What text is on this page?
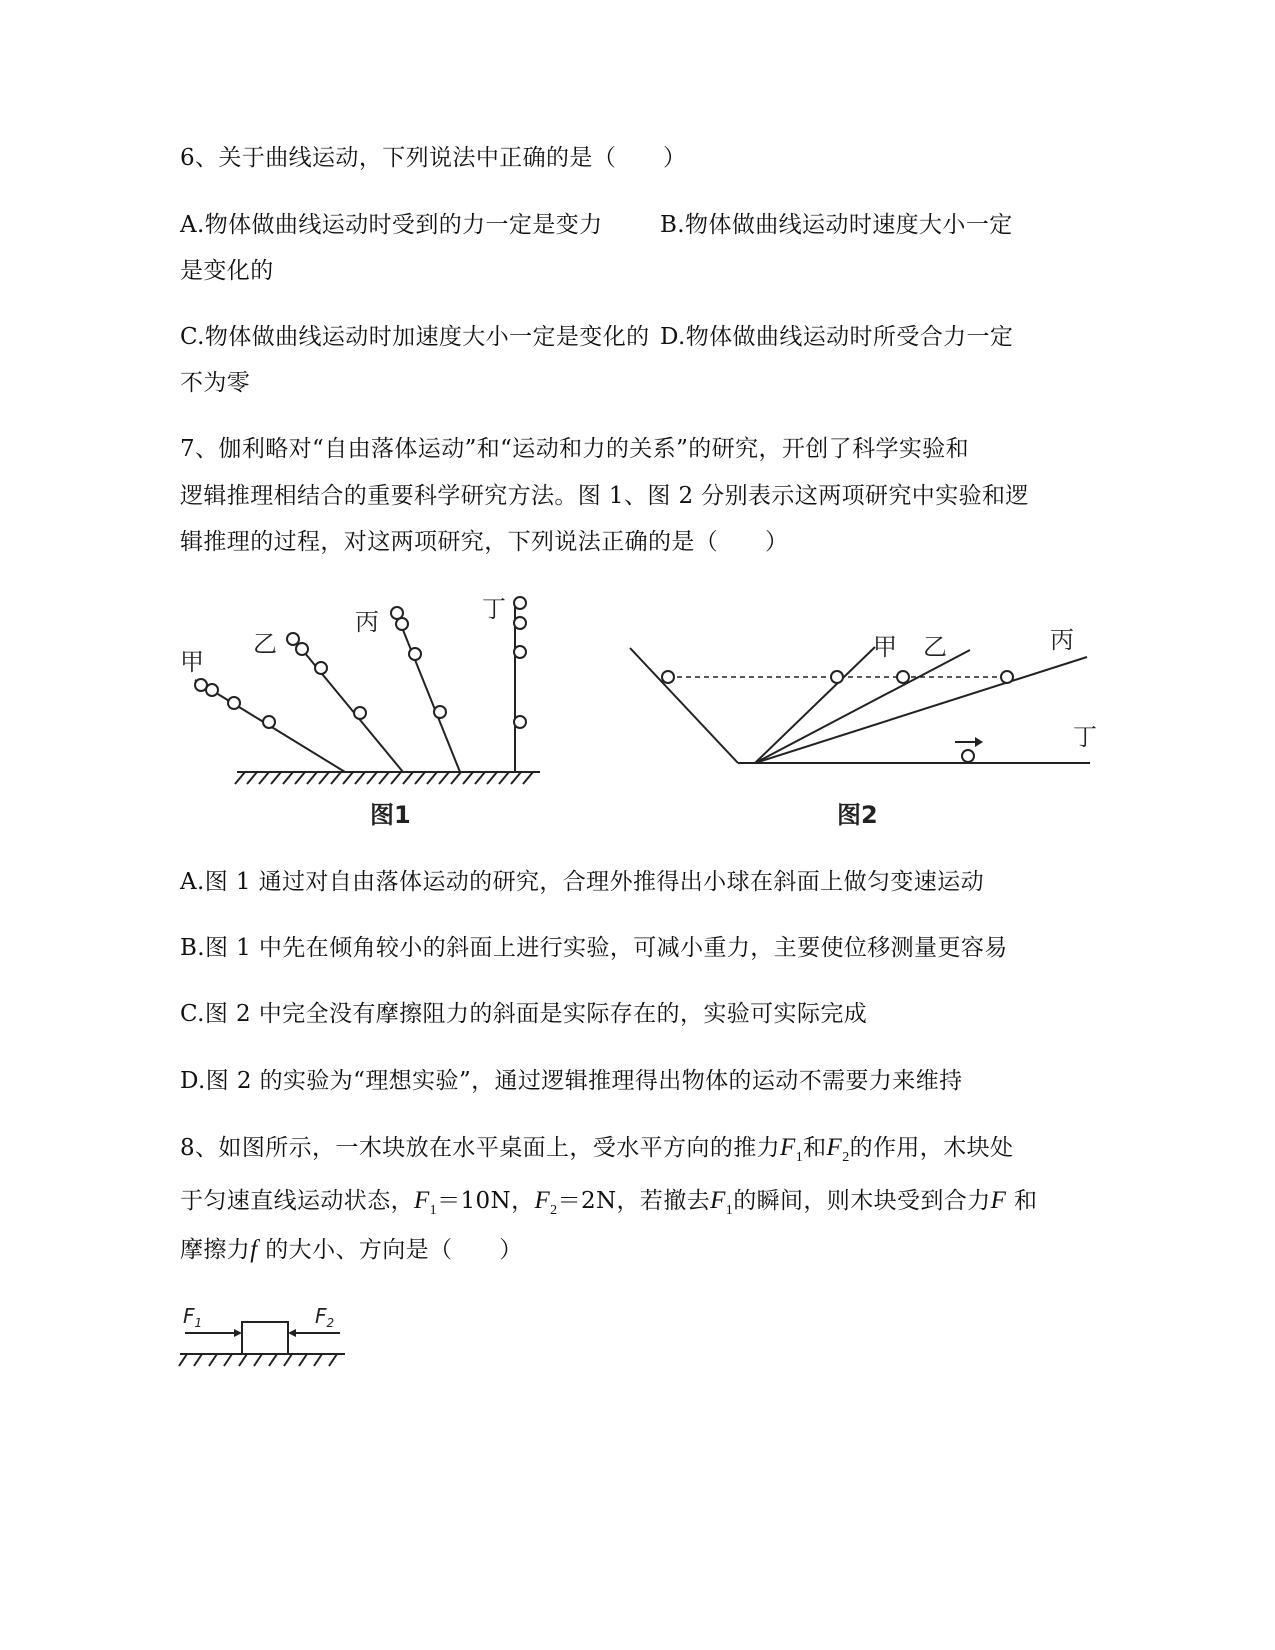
6、关于曲线运动，下列说法中正确的是（　　）
A.物体做曲线运动时受到的力一定是变力 B.物体做曲线运动时速度大小一定
是变化的
C.物体做曲线运动时加速度大小一定是变化的 D.物体做曲线运动时所受合力一定
不为零
7、伽利略对“自由落体运动”和“运动和力的关系”的研究，开创了科学实验和
逻辑推理相结合的重要科学研究方法。图 1、图 2 分别表示这两项研究中实验和逻
辑推理的过程，对这两项研究，下列说法正确的是（　　）
甲
乙
丙	丁
图1
甲 乙	丙
丁
图2
A.图 1 通过对自由落体运动的研究，合理外推得出小球在斜面上做匀变速运动
B.图 1 中先在倾角较小的斜面上进行实验，可减小重力，主要使位移测量更容易
C.图 2 中完全没有摩擦阻力的斜面是实际存在的，实验可实际完成
D.图 2 的实验为“理想实验”，通过逻辑推理得出物体的运动不需要力来维持
8、如图所示，一木块放在水平桌面上，受水平方向的推力$F_1$和$F_2$的作用，木块处
于匀速直线运动状态，$F_1=10N$，$F_2=2N$，若撤去$F_1$的瞬间，则木块受到合力F 和
摩擦力f 的大小、方向是（　　）
$F_1$	$F_2$
